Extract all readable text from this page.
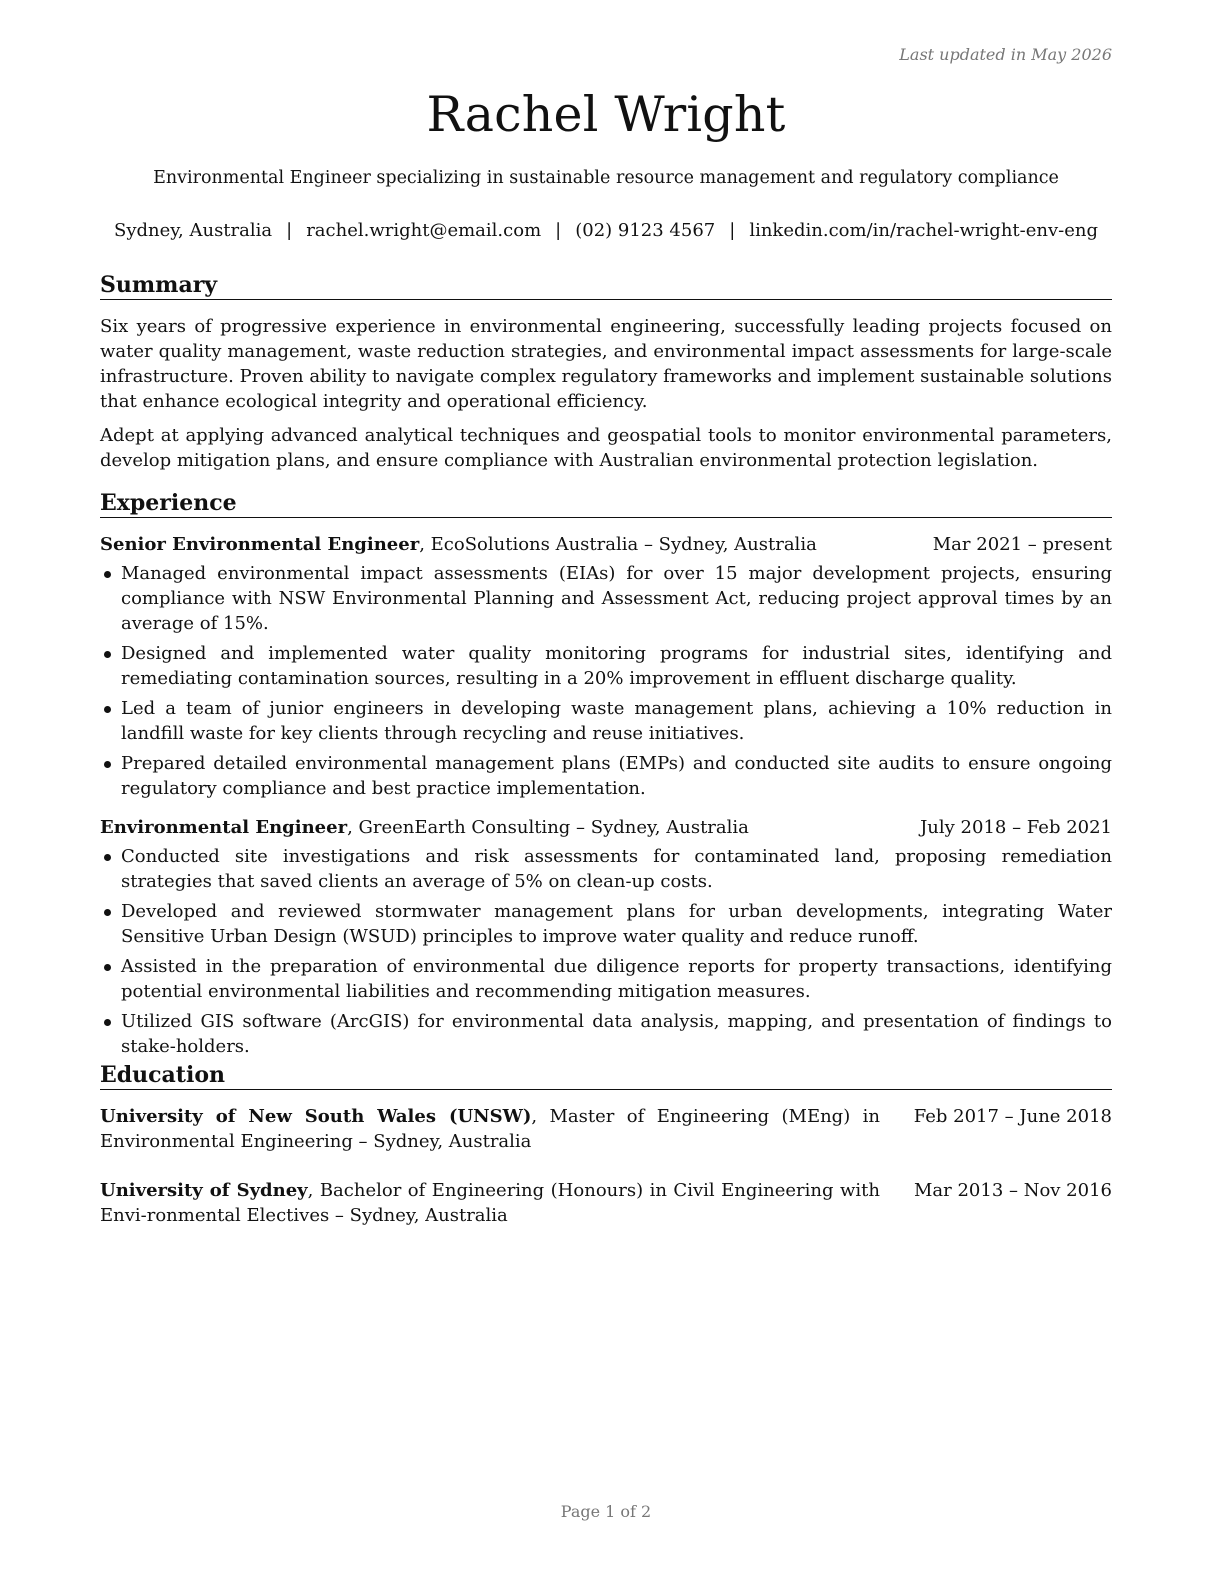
Last updated in May 2026
Rachel Wright
Environmental Engineer specializing in sustainable resource management and regulatory compliance
Sydney, Australia | rachel.wright@email.com | (02) 9123 4567 | linkedin.com/in/rachel-wright-env-eng
Summary

Six years of progressive experience in environmental engineering, successfully leading projects focused on water quality management, waste reduction strategies, and environmental impact assessments for large-scale infrastructure. Proven ability to navigate complex regulatory frameworks and implement sustainable solutions that enhance ecological integrity and operational efficiency.

Adept at applying advanced analytical techniques and geospatial tools to monitor environmental parameters, develop mitigation plans, and ensure compliance with Australian environmental protection legislation.

Experience
Senior Environmental Engineer, EcoSolutions Australia – Sydney, Australia	Mar 2021 – present
Managed environmental impact assessments (EIAs) for over 15 major development projects, ensuring compliance with NSW Environmental Planning and Assessment Act, reducing project approval times by an average of 15%.
Designed and implemented water quality monitoring programs for industrial sites, identifying and remediating contamination sources, resulting in a 20% improvement in effluent discharge quality.
Led a team of junior engineers in developing waste management plans, achieving a 10% reduction in landfill waste for key clients through recycling and reuse initiatives.
Prepared detailed environmental management plans (EMPs) and conducted site audits to ensure ongoing regulatory compliance and best practice implementation.
Environmental Engineer, GreenEarth Consulting – Sydney, Australia	July 2018 – Feb 2021
Conducted site investigations and risk assessments for contaminated land, proposing remediation strategies that saved clients an average of 5% on clean-up costs.
Developed and reviewed stormwater management plans for urban developments, integrating Water Sensitive Urban Design (WSUD) principles to improve water quality and reduce runoff.
Assisted in the preparation of environmental due diligence reports for property transactions, identifying potential environmental liabilities and recommending mitigation measures.
Utilized GIS software (ArcGIS) for environmental data analysis, mapping, and presentation of findings to stake-holders.
Education
University of New South Wales (UNSW), Master of Engineering (MEng) in Environmental Engineering – Sydney, Australia
Feb 2017 – June 2018
University of Sydney, Bachelor of Engineering (Honours) in Civil Engineering with Envi-ronmental Electives – Sydney, Australia
Mar 2013 – Nov 2016
Page 1 of 2
